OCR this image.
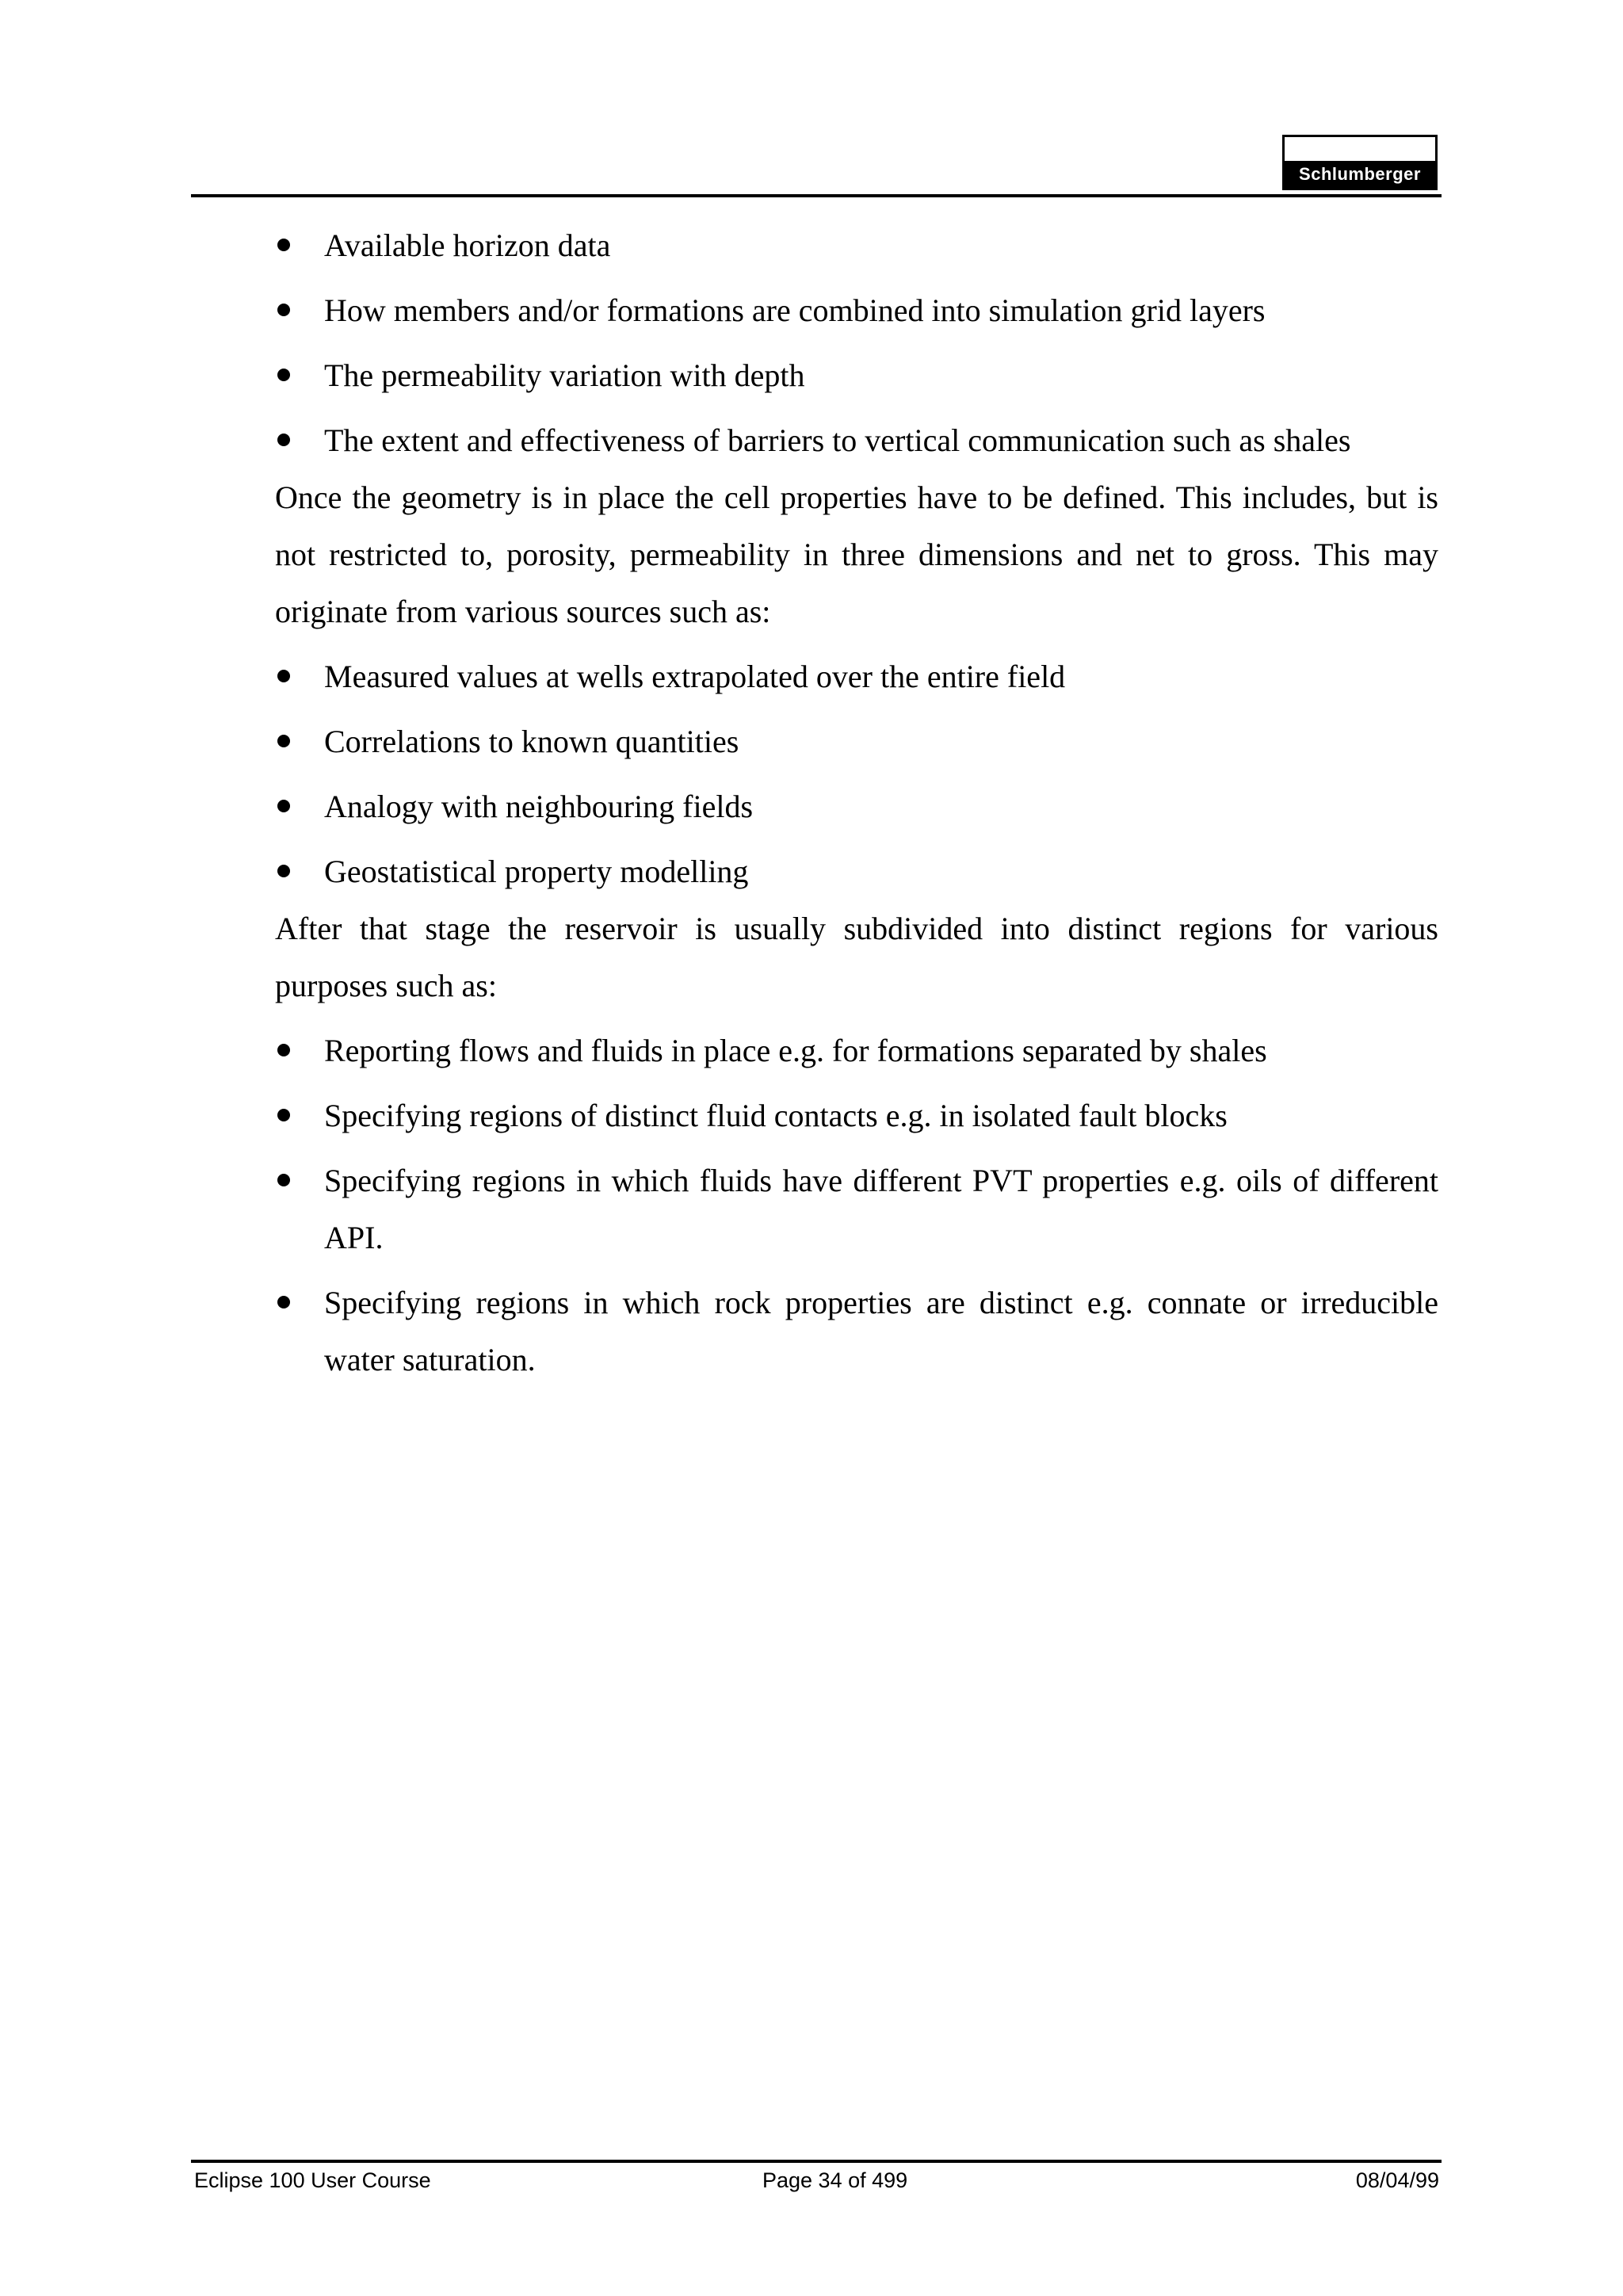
Schlumberger
Available horizon data
How members and/or formations are combined into simulation grid layers
The permeability variation with depth
The extent and effectiveness of barriers to vertical communication such as shales

Once the geometry is in place the cell properties have to be defined. This includes, but is not restricted to, porosity, permeability in three dimensions and net to gross. This may originate from various sources such as:

Measured values at wells extrapolated over the entire field
Correlations to known quantities
Analogy with neighbouring fields
Geostatistical property modelling

After that stage the reservoir is usually subdivided into distinct regions for various purposes such as:

Reporting flows and fluids in place e.g. for formations separated by shales
Specifying regions of distinct fluid contacts e.g. in isolated fault blocks
Specifying regions in which fluids have different PVT properties e.g. oils of different API.
Specifying regions in which rock properties are distinct e.g. connate or irreducible water saturation.
Eclipse 100 User Course	Page 34 of 499	08/04/99
